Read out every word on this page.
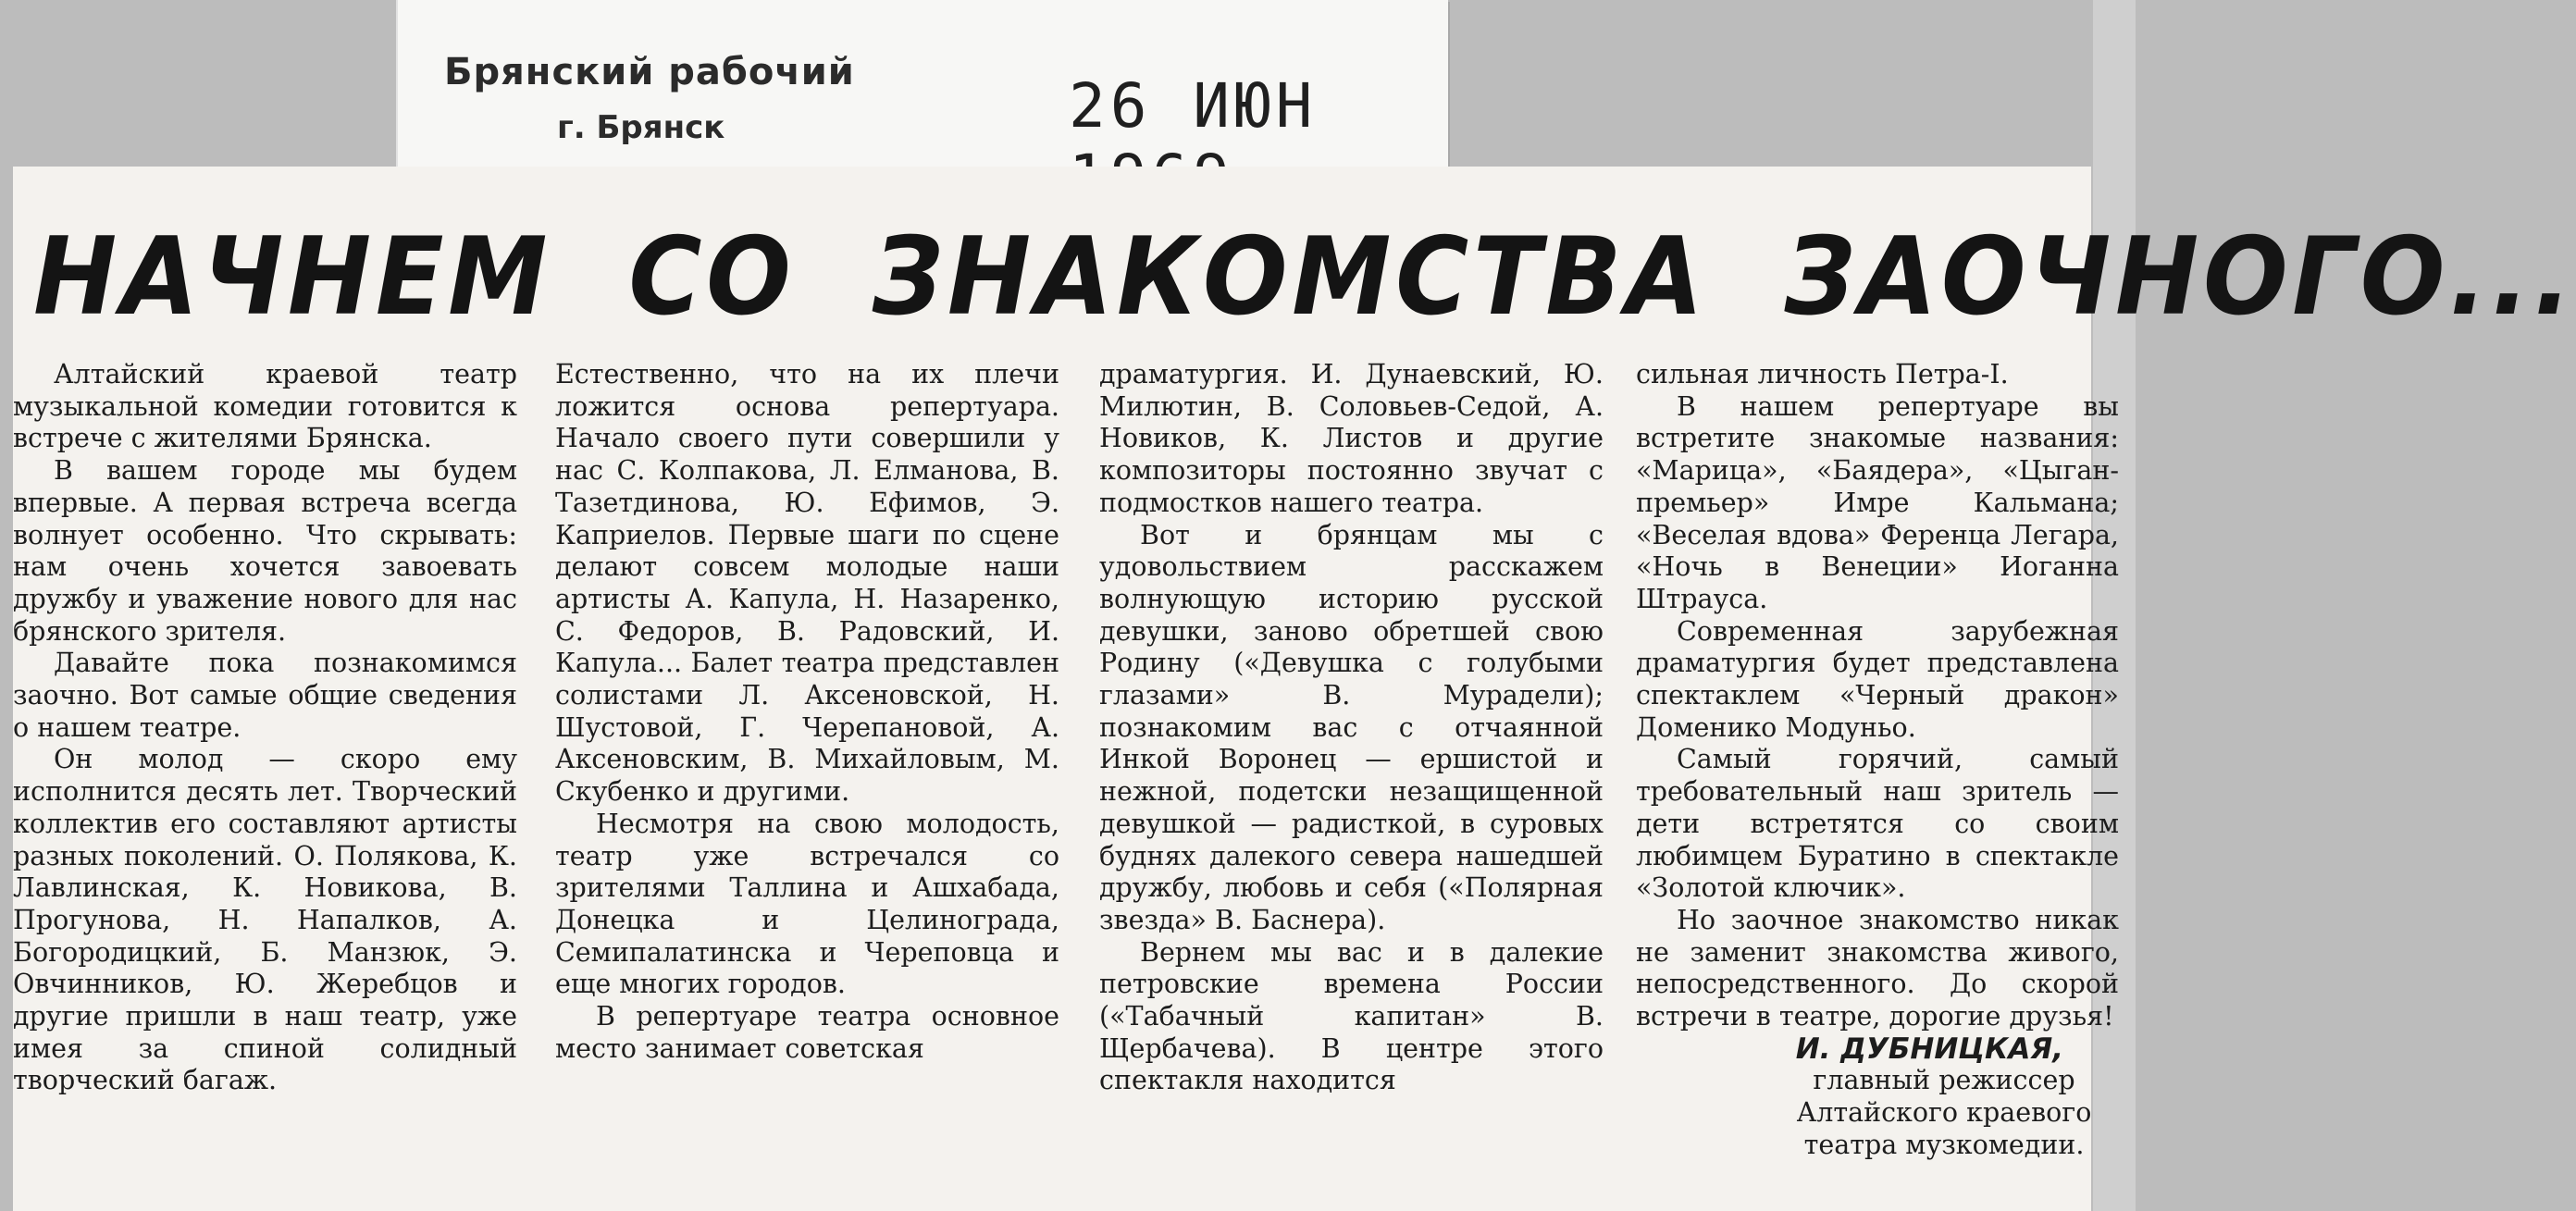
Брянский рабочий
г. Брянск	26 ИЮН
НАЧНЕМ СО ЗНАКОМСТВА ЗАОЧНОГО...

Алтайский краевой театр музыкальной комедии готовится к встрече с жителями Брянска.

В вашем городе мы будем впервые. А первая встреча всегда волнует особенно. Что скрывать: нам очень хочется завоевать дружбу и уважение нового для нас брянского зрителя.

Давайте пока познакомимся заочно. Вот самые общие сведения о нашем театре.

Он молод — скоро ему исполнится десять лет. Творческий коллектив его составляют артисты разных поколений. О. Полякова, К. Лавлинская, К. Новикова, В. Прогунова, Н. Напалков, А. Богородицкий, Б. Манзюк, Э. Овчинников, Ю. Жеребцов и другие пришли в наш театр, уже имея за спиной солидный творческий багаж.

Естественно, что на их плечи ложится основа репертуара. Начало своего пути совершили у нас С. Колпакова, Л. Елманова, В. Тазетдинова, Ю. Ефимов, Э. Каприелов. Первые шаги по сцене делают совсем молодые наши артисты А. Капула, Н. Назаренко, С. Федоров, В. Радовский, И. Капула... Балет театра представлен солистами Л. Аксеновской, Н. Шустовой, Г. Черепановой, А. Аксеновским, В. Михайловым, М. Скубенко и другими.

Несмотря на свою молодость, театр уже встречался со зрителями Таллина и Ашхабада, Донецка и Целинограда, Семипалатинска и Череповца и еще многих городов.

В репертуаре театра основное место занимает советская

драматургия. И. Дунаевский, Ю. Милютин, В. Соловьев-Седой, А. Новиков, К. Листов и другие композиторы постоянно звучат с подмостков нашего театра.

Вот и брянцам мы с удовольствием расскажем волнующую историю русской девушки, заново обретшей свою Родину («Девушка с голубыми глазами» В. Мурадели); познакомим вас с отчаянной Инкой Воронец — ершистой и нежной, подетски незащищенной девушкой — радисткой, в суровых буднях далекого севера нашедшей дружбу, любовь и себя («Полярная звезда» В. Баснера).

Вернем мы вас и в далекие петровские времена России («Табачный капитан» В. Щербачева). В центре этого спектакля находится

сильная личность Петра-I.

В нашем репертуаре вы встретите знакомые названия: «Марица», «Баядера», «Цыган-премьер» Имре Кальмана; «Веселая вдова» Ференца Легара, «Ночь в Венеции» Иоганна Штрауса.

Современная зарубежная драматургия будет представлена спектаклем «Черный дракон» Доменико Модуньо.

Самый горячий, самый требовательный наш зритель — дети встретятся со своим любимцем Буратино в спектакле «Золотой ключик».

Но заочное знакомство никак не заменит знакомства живого, непосредственного. До скорой встречи в театре, дорогие друзья!

И. ДУБНИЦКАЯ,

главный режиссер

Алтайского краевого

театра музкомедии.
